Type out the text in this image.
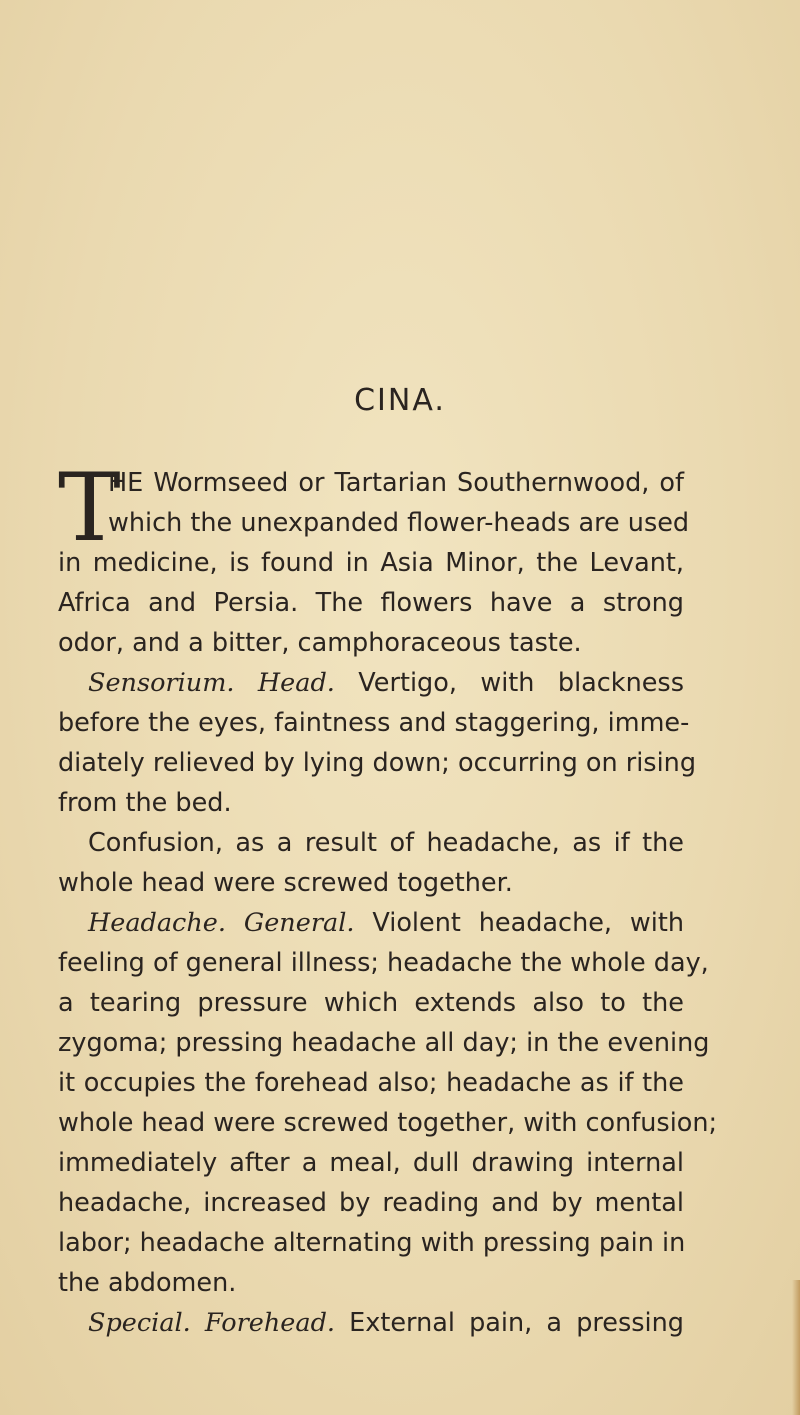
CINA.
T
HE Wormseed or Tartarian Southernwood, of
which the unexpanded flower-heads are used
in medicine, is found in Asia Minor, the Levant,
Africa and Persia. The flowers have a strong
odor, and a bitter, camphoraceous taste.
Sensorium. Head. Vertigo, with blackness
before the eyes, faintness and staggering, imme-
diately relieved by lying down; occurring on rising
from the bed.
Confusion, as a result of headache, as if the
whole head were screwed together.
Headache. General. Violent headache, with
feeling of general illness; headache the whole day,
a tearing pressure which extends also to the
zygoma; pressing headache all day; in the evening
it occupies the forehead also; headache as if the
whole head were screwed together, with confusion;
immediately after a meal, dull drawing internal
headache, increased by reading and by mental
labor; headache alternating with pressing pain in
the abdomen.
Special. Forehead. External pain, a pressing
